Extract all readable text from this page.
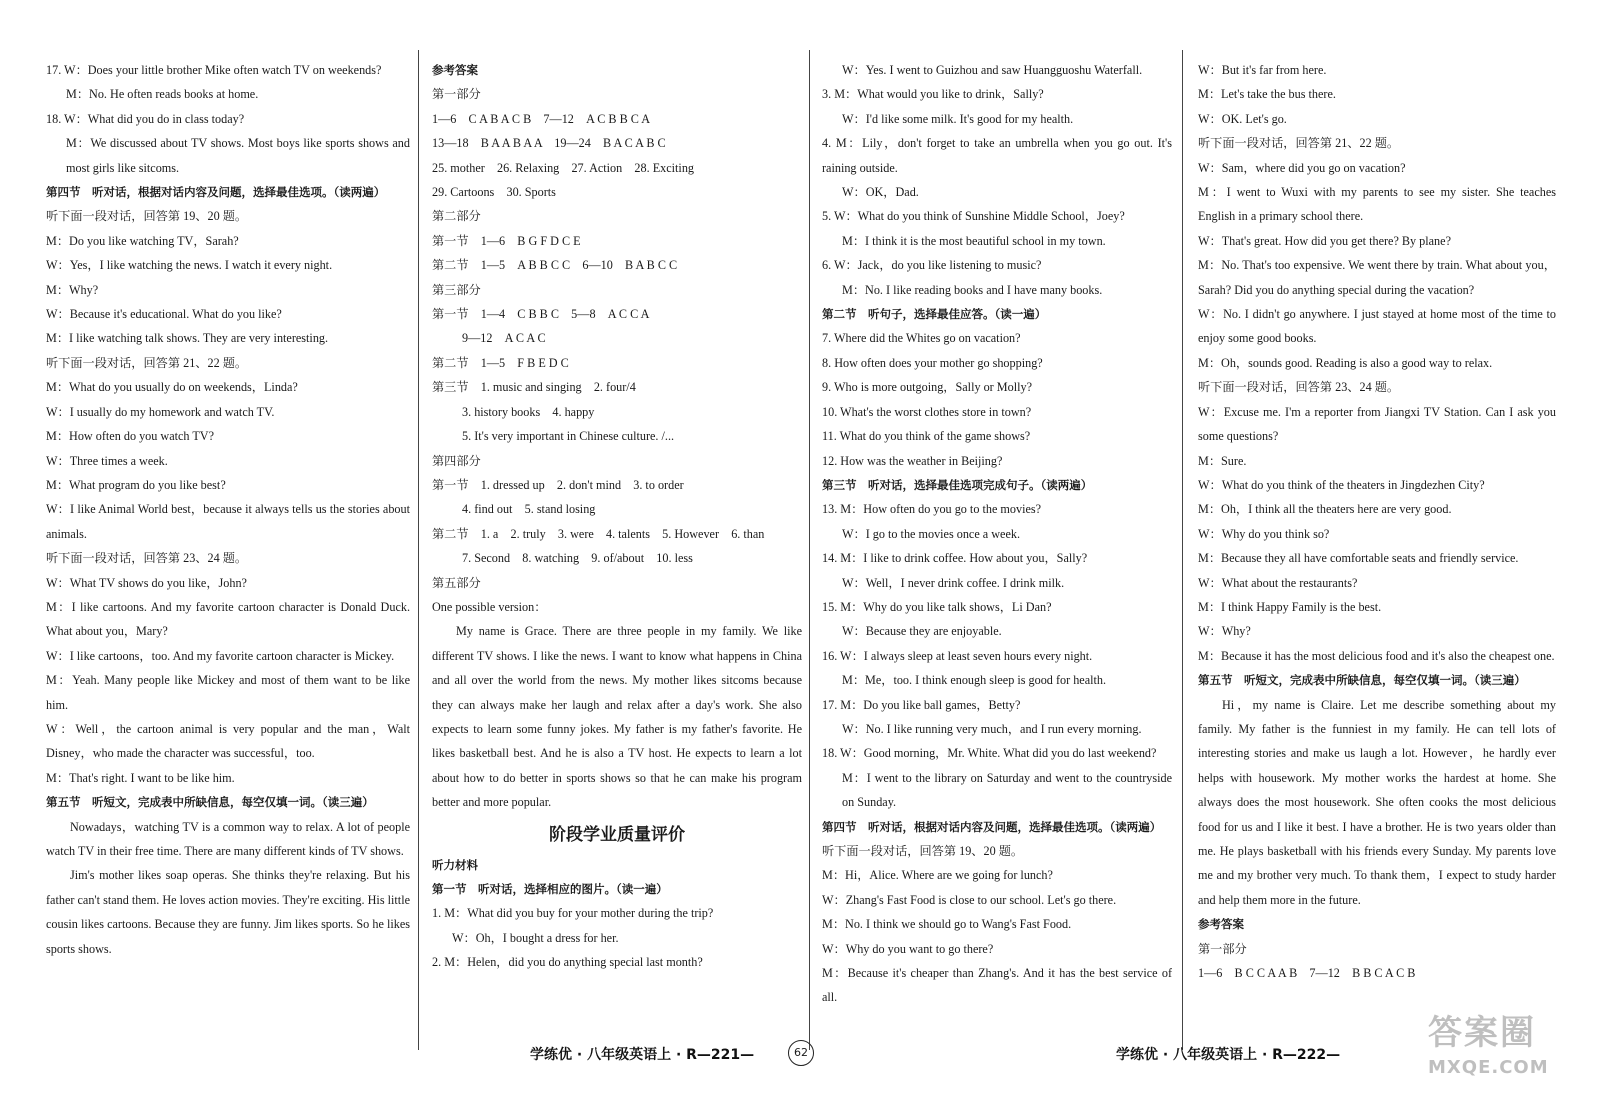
17. W：Does your little brother Mike often watch TV on weekends?

M：No. He often reads books at home.

18. W：What did you do in class today?

M：We discussed about TV shows. Most boys like sports shows and most girls like sitcoms.

第四节　听对话，根据对话内容及问题，选择最佳选项。（读两遍）

听下面一段对话，回答第 19、20 题。

M：Do you like watching TV，Sarah?

W：Yes，I like watching the news. I watch it every night.

M：Why?

W：Because it's educational. What do you like?

M：I like watching talk shows. They are very interesting.

听下面一段对话，回答第 21、22 题。

M：What do you usually do on weekends，Linda?

W：I usually do my homework and watch TV.

M：How often do you watch TV?

W：Three times a week.

M：What program do you like best?

W：I like Animal World best，because it always tells us the stories about animals.

听下面一段对话，回答第 23、24 题。

W：What TV shows do you like，John?

M：I like cartoons. And my favorite cartoon character is Donald Duck. What about you，Mary?

W：I like cartoons，too. And my favorite cartoon character is Mickey.

M：Yeah. Many people like Mickey and most of them want to be like him.

W：Well，the cartoon animal is very popular and the man，Walt Disney，who made the character was successful，too.

M：That's right. I want to be like him.

第五节　听短文，完成表中所缺信息，每空仅填一词。（读三遍）

Nowadays，watching TV is a common way to relax. A lot of people watch TV in their free time. There are many different kinds of TV shows.

Jim's mother likes soap operas. She thinks they're relaxing. But his father can't stand them. He loves action movies. They're exciting. His little cousin likes cartoons. Because they are funny. Jim likes sports. So he likes sports shows.

参考答案

第一部分

1—6　C A B A C B　7—12　A C B B C A

13—18　B A A B A A　19—24　B A C A B C

25. mother　26. Relaxing　27. Action　28. Exciting

29. Cartoons　30. Sports

第二部分

第一节　1—6　B G F D C E

第二节　1—5　A B B C C　6—10　B A B C C

第三部分

第一节　1—4　C B B C　5—8　A C C A

9—12　A C A C

第二节　1—5　F B E D C

第三节　1. music and singing　2. four/4

3. history books　4. happy

5. It's very important in Chinese culture. /...

第四部分

第一节　1. dressed up　2. don't mind　3. to order

4. find out　5. stand losing

第二节　1. a　2. truly　3. were　4. talents　5. However　6. than

7. Second　8. watching　9. of/about　10. less

第五部分

One possible version：

My name is Grace. There are three people in my family. We like different TV shows. I like the news. I want to know what happens in China and all over the world from the news. My mother likes sitcoms because they can always make her laugh and relax after a day's work. She also expects to learn some funny jokes. My father is my father's favorite. He likes basketball best. And he is also a TV host. He expects to learn a lot about how to do better in sports shows so that he can make his program better and more popular.

阶段学业质量评价

听力材料

第一节　听对话，选择相应的图片。（读一遍）

1. M：What did you buy for your mother during the trip?

W：Oh，I bought a dress for her.

2. M：Helen，did you do anything special last month?

W：Yes. I went to Guizhou and saw Huangguoshu Waterfall.

3. M：What would you like to drink，Sally?

W：I'd like some milk. It's good for my health.

4. M：Lily，don't forget to take an umbrella when you go out. It's raining outside.

W：OK，Dad.

5. W：What do you think of Sunshine Middle School，Joey?

M：I think it is the most beautiful school in my town.

6. W：Jack，do you like listening to music?

M：No. I like reading books and I have many books.

第二节　听句子，选择最佳应答。（读一遍）

7. Where did the Whites go on vacation?

8. How often does your mother go shopping?

9. Who is more outgoing，Sally or Molly?

10. What's the worst clothes store in town?

11. What do you think of the game shows?

12. How was the weather in Beijing?

第三节　听对话，选择最佳选项完成句子。（读两遍）

13. M：How often do you go to the movies?

W：I go to the movies once a week.

14. M：I like to drink coffee. How about you，Sally?

W：Well，I never drink coffee. I drink milk.

15. M：Why do you like talk shows，Li Dan?

W：Because they are enjoyable.

16. W：I always sleep at least seven hours every night.

M：Me，too. I think enough sleep is good for health.

17. M：Do you like ball games，Betty?

W：No. I like running very much，and I run every morning.

18. W：Good morning，Mr. White. What did you do last weekend?

M：I went to the library on Saturday and went to the countryside on Sunday.

第四节　听对话，根据对话内容及问题，选择最佳选项。（读两遍）

听下面一段对话，回答第 19、20 题。

M：Hi，Alice. Where are we going for lunch?

W：Zhang's Fast Food is close to our school. Let's go there.

M：No. I think we should go to Wang's Fast Food.

W：Why do you want to go there?

M：Because it's cheaper than Zhang's. And it has the best service of all.

W：But it's far from here.

M：Let's take the bus there.

W：OK. Let's go.

听下面一段对话，回答第 21、22 题。

W：Sam，where did you go on vacation?

M：I went to Wuxi with my parents to see my sister. She teaches English in a primary school there.

W：That's great. How did you get there? By plane?

M：No. That's too expensive. We went there by train. What about you，Sarah? Did you do anything special during the vacation?

W：No. I didn't go anywhere. I just stayed at home most of the time to enjoy some good books.

M：Oh，sounds good. Reading is also a good way to relax.

听下面一段对话，回答第 23、24 题。

W：Excuse me. I'm a reporter from Jiangxi TV Station. Can I ask you some questions?

M：Sure.

W：What do you think of the theaters in Jingdezhen City?

M：Oh，I think all the theaters here are very good.

W：Why do you think so?

M：Because they all have comfortable seats and friendly service.

W：What about the restaurants?

M：I think Happy Family is the best.

W：Why?

M：Because it has the most delicious food and it's also the cheapest one.

第五节　听短文，完成表中所缺信息，每空仅填一词。（读三遍）

Hi，my name is Claire. Let me describe something about my family. My father is the funniest in my family. He can tell lots of interesting stories and make us laugh a lot. However，he hardly ever helps with housework. My mother works the hardest at home. She always does the most housework. She often cooks the most delicious food for us and I like it best. I have a brother. He is two years older than me. He plays basketball with his friends every Sunday. My parents love me and my brother very much. To thank them，I expect to study harder and help them more in the future.

参考答案

第一部分

1—6　B C C A A B　7—12　B B C A C B

学练优 · 八年级英语上 · R—221—	62	学练优 · 八年级英语上 · R—222—
答案圈
MXQE.COM
